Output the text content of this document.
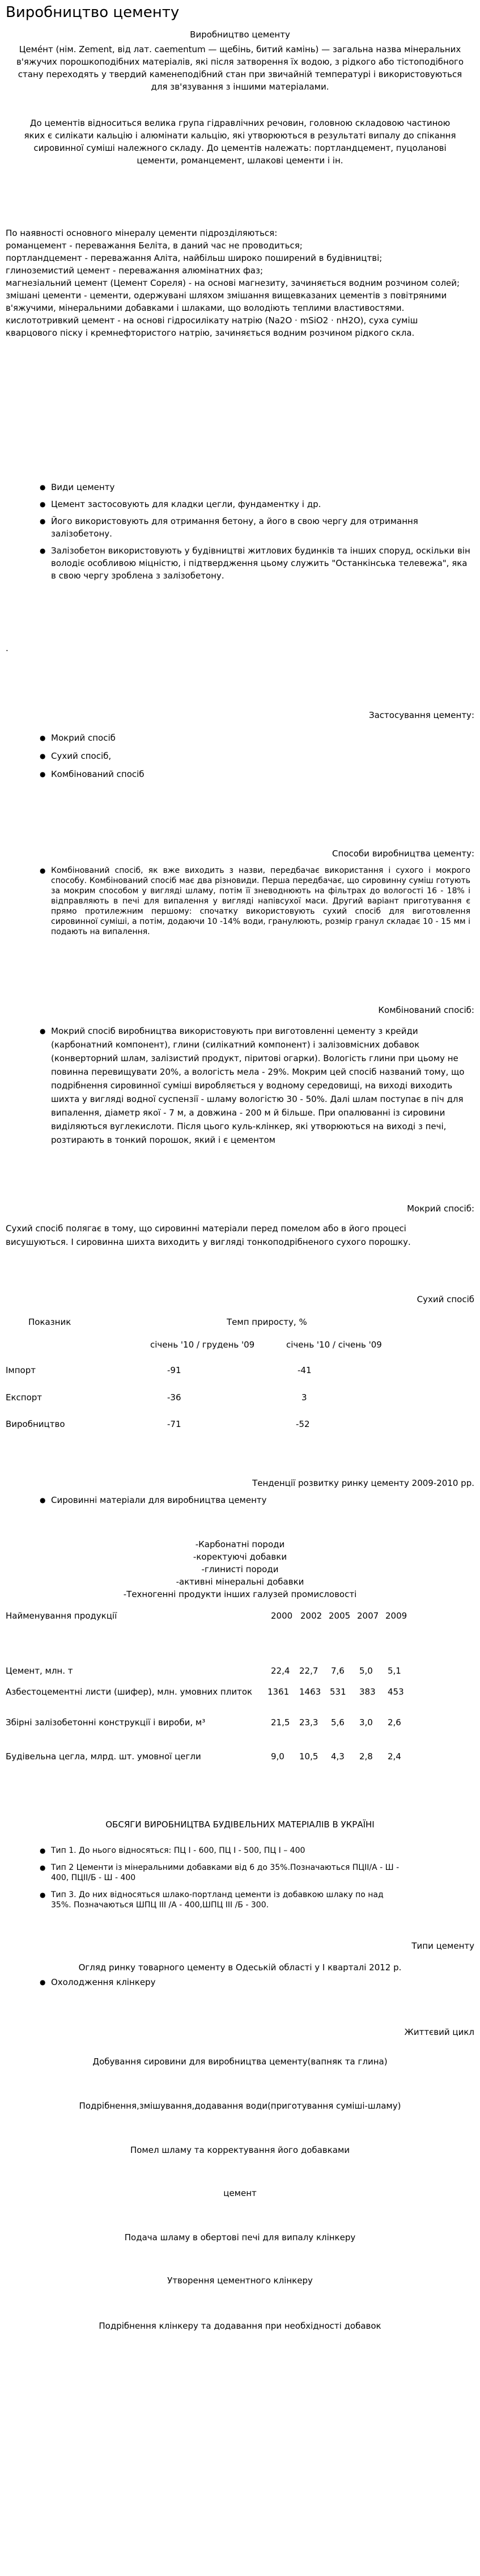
Виробництво цементу
Виробництво цементу
Цеме́нт (нім. Zement, від лат. caementum — щебінь, битий камінь) — загальна назва мінеральних в'яжучих порошкоподібних матеріалів, які після затворення їх водою, з рідкого або тістоподібного стану переходять у твердий каменеподібний стан при звичайній температурі і використовуються для зв'язування з іншими матеріалами.
До цементів відноситься велика група гідравлічних речовин, головною складовою частиною яких є силікати кальцію і алюмінати кальцію, які утворюються в результаті випалу до спікання сировинної суміші належного складу. До цементів належать: портландцемент, пуцолановi цементи, романцемент, шлакові цементи і ін.
По наявності основного мінералу цементи підрозділяються:
романцемент - переважання Беліта, в даний час не проводиться;
портландцемент - переважання Аліта, найбільш широко поширений в будівництві;
глиноземистий цемент - переважання алюмінатних фаз;
магнезіальний цемент (Цемент Сореля) - на основі магнезиту, зачиняється водним розчином солей;
змішані цементи - цементи, одержувані шляхом змішання вищевказаних цементів з повітряними в'яжучими, мінеральними добавками і шлаками, що володіють теплими властивостями.
кислототривкий цемент - на основі гідросилікату натрію (Na2O · mSiO2 · nH2O), суха суміш кварцового піску і кремнефтористого натрію, зачиняється водним розчином рідкого скла.
● Види цементу
● Цемент застосовують для кладки цегли, фундаментку і др.
● Його використовують для отримання бетону, а його в свою чергу для отримання залізобетону.
● Залізобетон використовують у будівництві житлових будинків та інших споруд, оскільки він володіє особливою міцністю, і підтвердження цьому служить "Останкінська телевежа", яка в свою чергу зроблена з залізобетону.
.
Застосування цементу:
● Мокрий спосіб
● Сухий спосіб,
● Комбінований спосіб
Способи виробництва цементу:
● Комбінований спосіб, як вже виходить з назви, передбачає використання і сухого і мокрого способу. Комбінований спосіб має два різновиди. Перша передбачає, що сировинну суміш готують за мокрим способом у вигляді шламу, потім її зневоднюють на фільтрах до вологості 16 - 18% і відправляють в печі для випалення у вигляді напівсухої маси. Другий варіант приготування є прямо протилежним першому: спочатку використовують сухий спосіб для виготовлення сировинної суміші, а потім, додаючи 10 -14% води, гранулюють, розмір гранул складає 10 - 15 мм і подають на випалення.
Комбінований спосіб:
● Мокрий спосіб виробництва використовують при виготовленні цементу з крейди (карбонатний компонент), глини (силікатний компонент) і залізовмісних добавок (конверторний шлам, залізистий продукт, піритові огарки). Вологість глини при цьому не повинна перевищувати 20%, а вологість мела - 29%. Мокрим цей спосіб названий тому, що подрібнення сировинної суміші виробляється у водному середовищі, на виході виходить шихта у вигляді водної суспензії - шламу вологістю 30 - 50%. Далі шлам поступає в піч для випалення, діаметр якої - 7 м, а довжина - 200 м й більше. При опалюванні із сировини виділяються вуглекислоти. Після цього куль-клінкер, які утворюються на виході з печі, розтирають в тонкий порошок, який і є цементом
Мокрий спосіб:
Сухий спосіб полягає в тому, що сировинні матеріали перед помелом або в його процесі висушуються. І сировинна шихта виходить у вигляді тонкоподрібненого сухого порошку.
Сухий спосіб
Показник	Темп приросту, %
січень '10 / грудень '09	січень '10 / січень '09
Імпорт	-91	-41
Експорт	-36	3
Виробництво	-71	-52
Тенденції розвитку ринку цементу 2009-2010 рр.
● Сировинні матеріали для виробництва цементу
-Карбонатні породи
-коректуючі добавки
-глинисті породи
-активні мінеральні добавки
-Техногенні продукти інших галузей промисловості
Найменування продукції	2000 2002 2005 2007 2009
Цемент, млн. т	22,4 22,7 7,6 5,0 5,1
Азбестоцементні листи (шифер), млн. умовних плиток	1361 1463 531 383 453
Збірні залізобетонні конструкції і вироби, м³	21,5 23,3 5,6 3,0 2,6
Будівельна цегла, млрд. шт. умовної цегли	9,0 10,5 4,3 2,8 2,4
ОБСЯГИ ВИРОБНИЦТВА БУДІВЕЛЬНИХ МАТЕРІАЛІВ В УКРАЇНІ
● Тип 1. До нього відносяться: ПЦ I - 600, ПЦ I - 500, ПЦ I – 400
● Тип 2 Цементи із мінеральними добавками від 6 до 35%.Позначаються ПЦII/А - Ш - 400, ПЦII/Б - Ш - 400
● Тип 3. До них відносяться шлако-портланд цементи із добавкою шлаку по над 35%. Позначаються ШПЦ III /А - 400,ШПЦ III /Б - 300.
Типи цементу
Огляд ринку товарного цементу в Одеській області у I кварталі 2012 р.
● Охолодження клінкеру
Життєвий цикл
Добування сировини для виробництва цементу(вапняк та глина)
Подрібнення,змішування,додавання води(приготування суміші-шламу)
Помел шламу та корректування його добавками
цемент
Подача шламу в обертові печі для випалу клінкеру
Утворення цементного клінкеру
Подрібнення клінкеру та додавання при необхідності добавок
